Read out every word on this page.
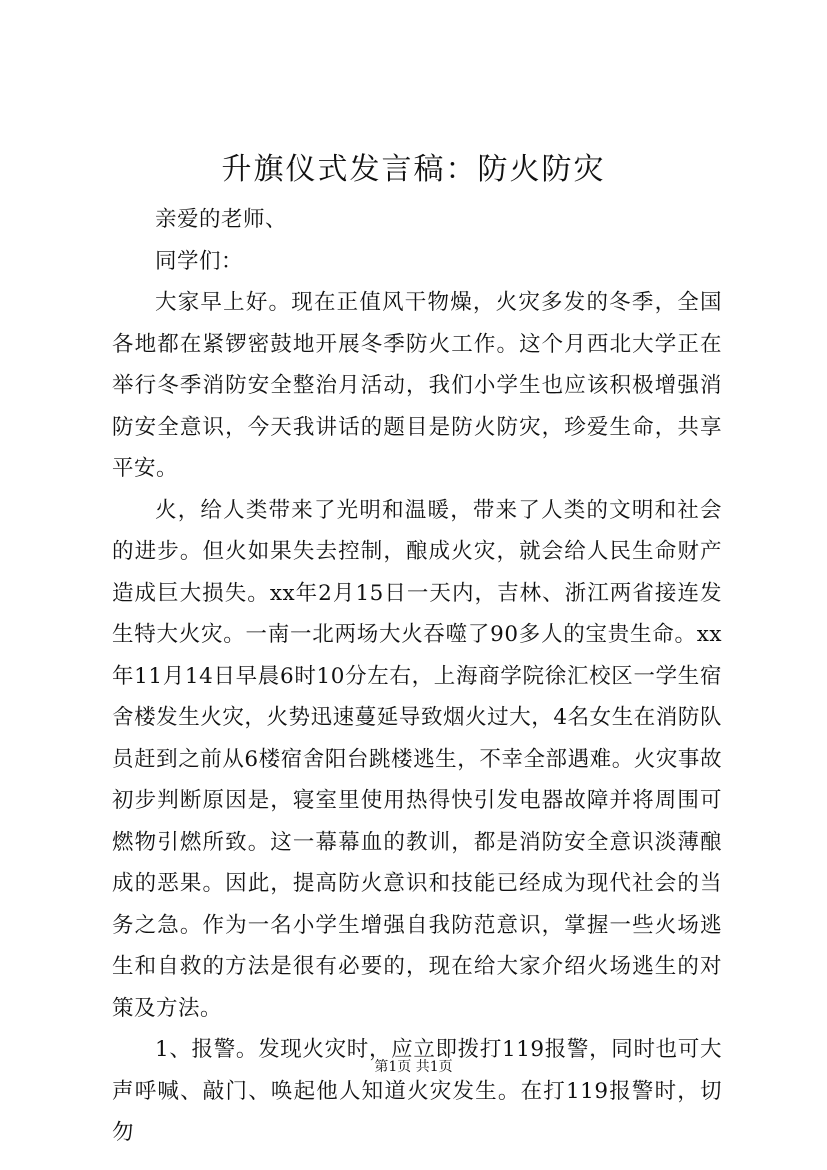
升旗仪式发言稿：防火防灾

亲爱的老师、

同学们：

大家早上好。现在正值风干物燥，火灾多发的冬季，全国各地都在紧锣密鼓地开展冬季防火工作。这个月西北大学正在举行冬季消防安全整治月活动，我们小学生也应该积极增强消防安全意识，今天我讲话的题目是防火防灾，珍爱生命，共享平安。

火，给人类带来了光明和温暖，带来了人类的文明和社会的进步。但火如果失去控制，酿成火灾，就会给人民生命财产造成巨大损失。xx年2月15日一天内，吉林、浙江两省接连发生特大火灾。一南一北两场大火吞噬了90多人的宝贵生命。xx年11月14日早晨6时10分左右，上海商学院徐汇校区一学生宿舍楼发生火灾，火势迅速蔓延导致烟火过大，4名女生在消防队员赶到之前从6楼宿舍阳台跳楼逃生，不幸全部遇难。火灾事故初步判断原因是，寝室里使用热得快引发电器故障并将周围可燃物引燃所致。这一幕幕血的教训，都是消防安全意识淡薄酿成的恶果。因此，提高防火意识和技能已经成为现代社会的当务之急。作为一名小学生增强自我防范意识，掌握一些火场逃生和自救的方法是很有必要的，现在给大家介绍火场逃生的对策及方法。

1、报警。发现火灾时，应立即拨打119报警，同时也可大声呼喊、敲门、唤起他人知道火灾发生。在打119报警时，切勿

第1页 共1页
